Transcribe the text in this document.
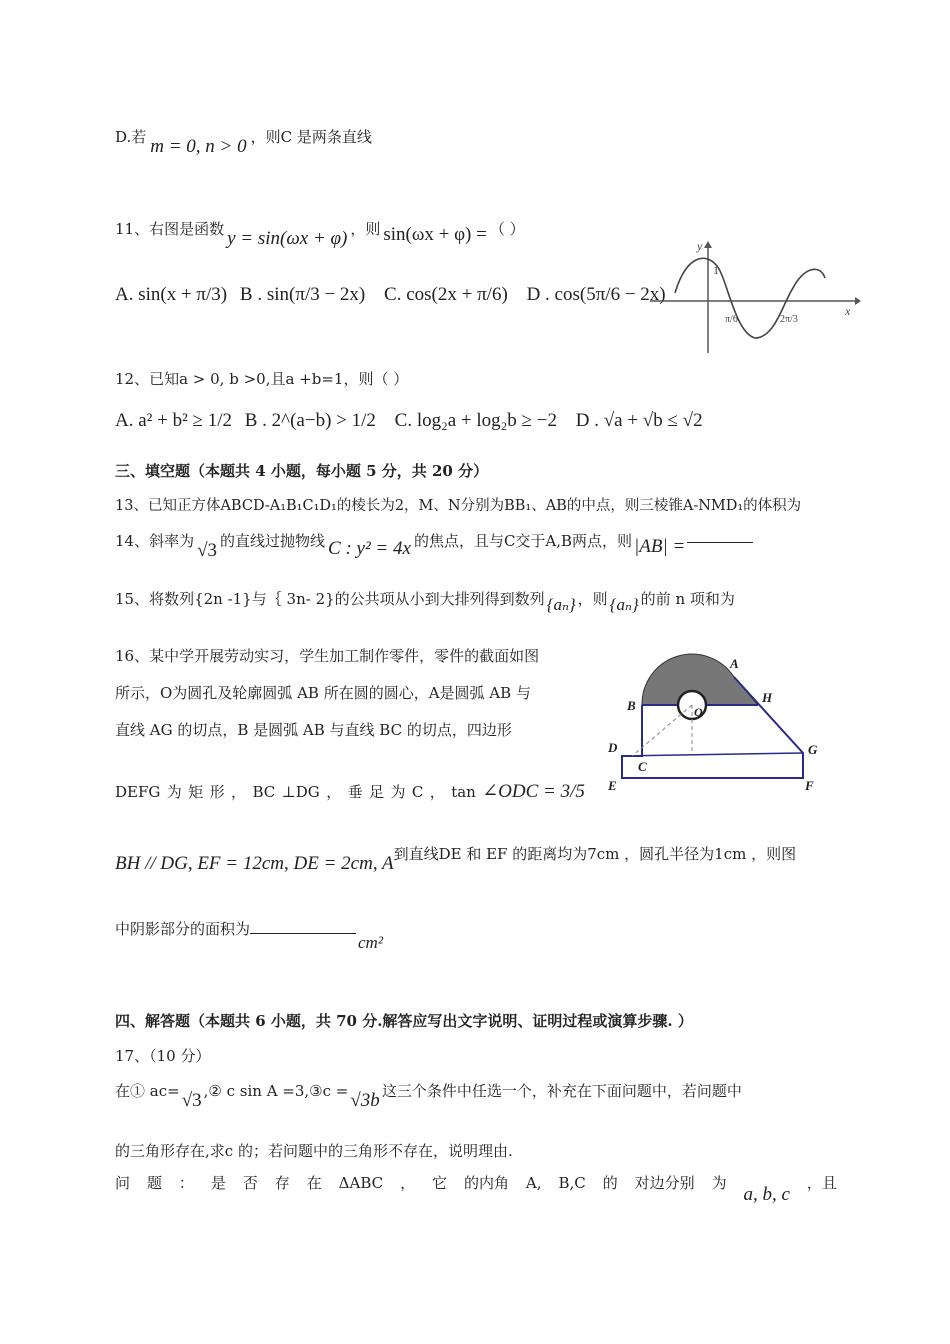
D.若 m = 0, n > 0 ，则C 是两条直线
11、右图是函数 y = sin(ωx + φ) ，则 sin(ωx + φ) = （ ）
A. sin(x + π/3) B . sin(π/3 − 2x) C. cos(2x + π/6) D . cos(5π/6 − 2x)
y
x
1
π/6	2π/3
12、已知a > 0, b >0,且a +b=1，则（ ）
A. a² + b² ≥ 1/2 B . 2^(a−b) > 1/2 C. log₂a + log₂b ≥ −2 D . √a + √b ≤ √2
三、填空题（本题共 4 小题，每小题 5 分，共 20 分）
13、已知正方体ABCD-A₁B₁C₁D₁的棱长为2，M、N分别为BB₁、AB的中点，则三棱锥A-NMD₁的体积为
14、斜率为 √3 的直线过抛物线 C : y² = 4x 的焦点，且与C交于A,B两点，则 |AB| =
15、将数列{2n -1}与｛ 3n- 2}的公共项从小到大排列得到数列 {aₙ} ，则 {aₙ} 的前 n 项和为
16、某中学开展劳动实习，学生加工制作零件，零件的截面如图
所示，O为圆孔及轮廓圆弧 AB 所在圆的圆心，A是圆弧 AB 与
直线 AG 的切点，B 是圆弧 AB 与直线 BC 的切点，四边形
DEFG 为 矩 形 ， BC ⊥DG ， 垂 足 为 C ， tan ∠ODC = 3/5
BH // DG, EF = 12cm, DE = 2cm, A到直线DE 和 EF 的距离均为7cm ，圆孔半径为1cm ，则图
中阴影部分的面积为cm²
A
B
H
O
D	G
C
E	F
四、解答题（本题共 6 小题，共 70 分.解答应写出文字说明、证明过程或演算步骤. ）
17、（10 分）
在① ac= √3 ,② c sin A =3,③c = √3b 这三个条件中任选一个，补充在下面问题中，若问题中
的三角形存在,求c 的；若问题中的三角形不存在，说明理由.
问 题 ： 是 否 存 在 ΔABC ， 它 的内角 A, B,C 的 对边分别 为
a, b, c
，且
